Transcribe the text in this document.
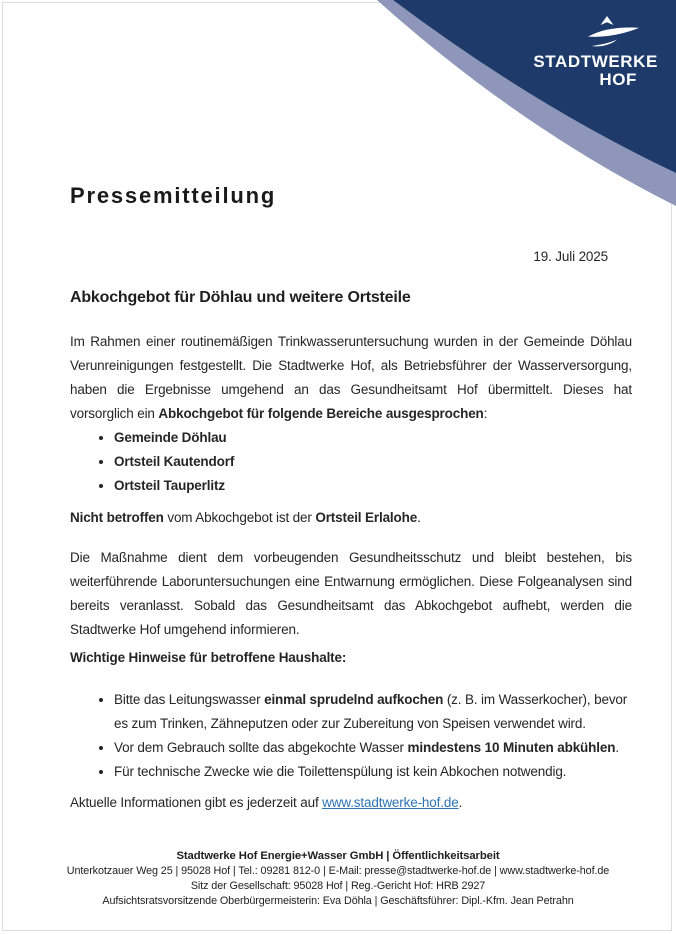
STADTWERKE
HOF
Pressemitteilung
19. Juli 2025
Abkochgebot für Döhlau und weitere Ortsteile

Im Rahmen einer routinemäßigen Trinkwasseruntersuchung wurden in der Gemeinde Döhlau Verunreinigungen festgestellt. Die Stadtwerke Hof, als Betriebsführer der Wasserversorgung, haben die Ergebnisse umgehend an das Gesundheitsamt Hof übermittelt. Dieses hat vorsorglich ein Abkochgebot für folgende Bereiche ausgesprochen:

• Gemeinde Döhlau
• Ortsteil Kautendorf
• Ortsteil Tauperlitz

Nicht betroffen vom Abkochgebot ist der Ortsteil Erlalohe.

Die Maßnahme dient dem vorbeugenden Gesundheitsschutz und bleibt bestehen, bis weiterführende Laboruntersuchungen eine Entwarnung ermöglichen. Diese Folgeanalysen sind bereits veranlasst. Sobald das Gesundheitsamt das Abkochgebot aufhebt, werden die Stadtwerke Hof umgehend informieren.

Wichtige Hinweise für betroffene Haushalte:
• Bitte das Leitungswasser einmal sprudelnd aufkochen (z. B. im Wasserkocher), bevor es zum Trinken, Zähneputzen oder zur Zubereitung von Speisen verwendet wird.
• Vor dem Gebrauch sollte das abgekochte Wasser mindestens 10 Minuten abkühlen.
• Für technische Zwecke wie die Toilettenspülung ist kein Abkochen notwendig.

Aktuelle Informationen gibt es jederzeit auf www.stadtwerke-hof.de.

Stadtwerke Hof Energie+Wasser GmbH | Öffentlichkeitsarbeit
Unterkotzauer Weg 25 | 95028 Hof | Tel.: 09281 812-0 | E-Mail: presse@stadtwerke-hof.de | www.stadtwerke-hof.de
Sitz der Gesellschaft: 95028 Hof | Reg.-Gericht Hof: HRB 2927
Aufsichtsratsvorsitzende Oberbürgermeisterin: Eva Döhla | Geschäftsführer: Dipl.-Kfm. Jean Petrahn
